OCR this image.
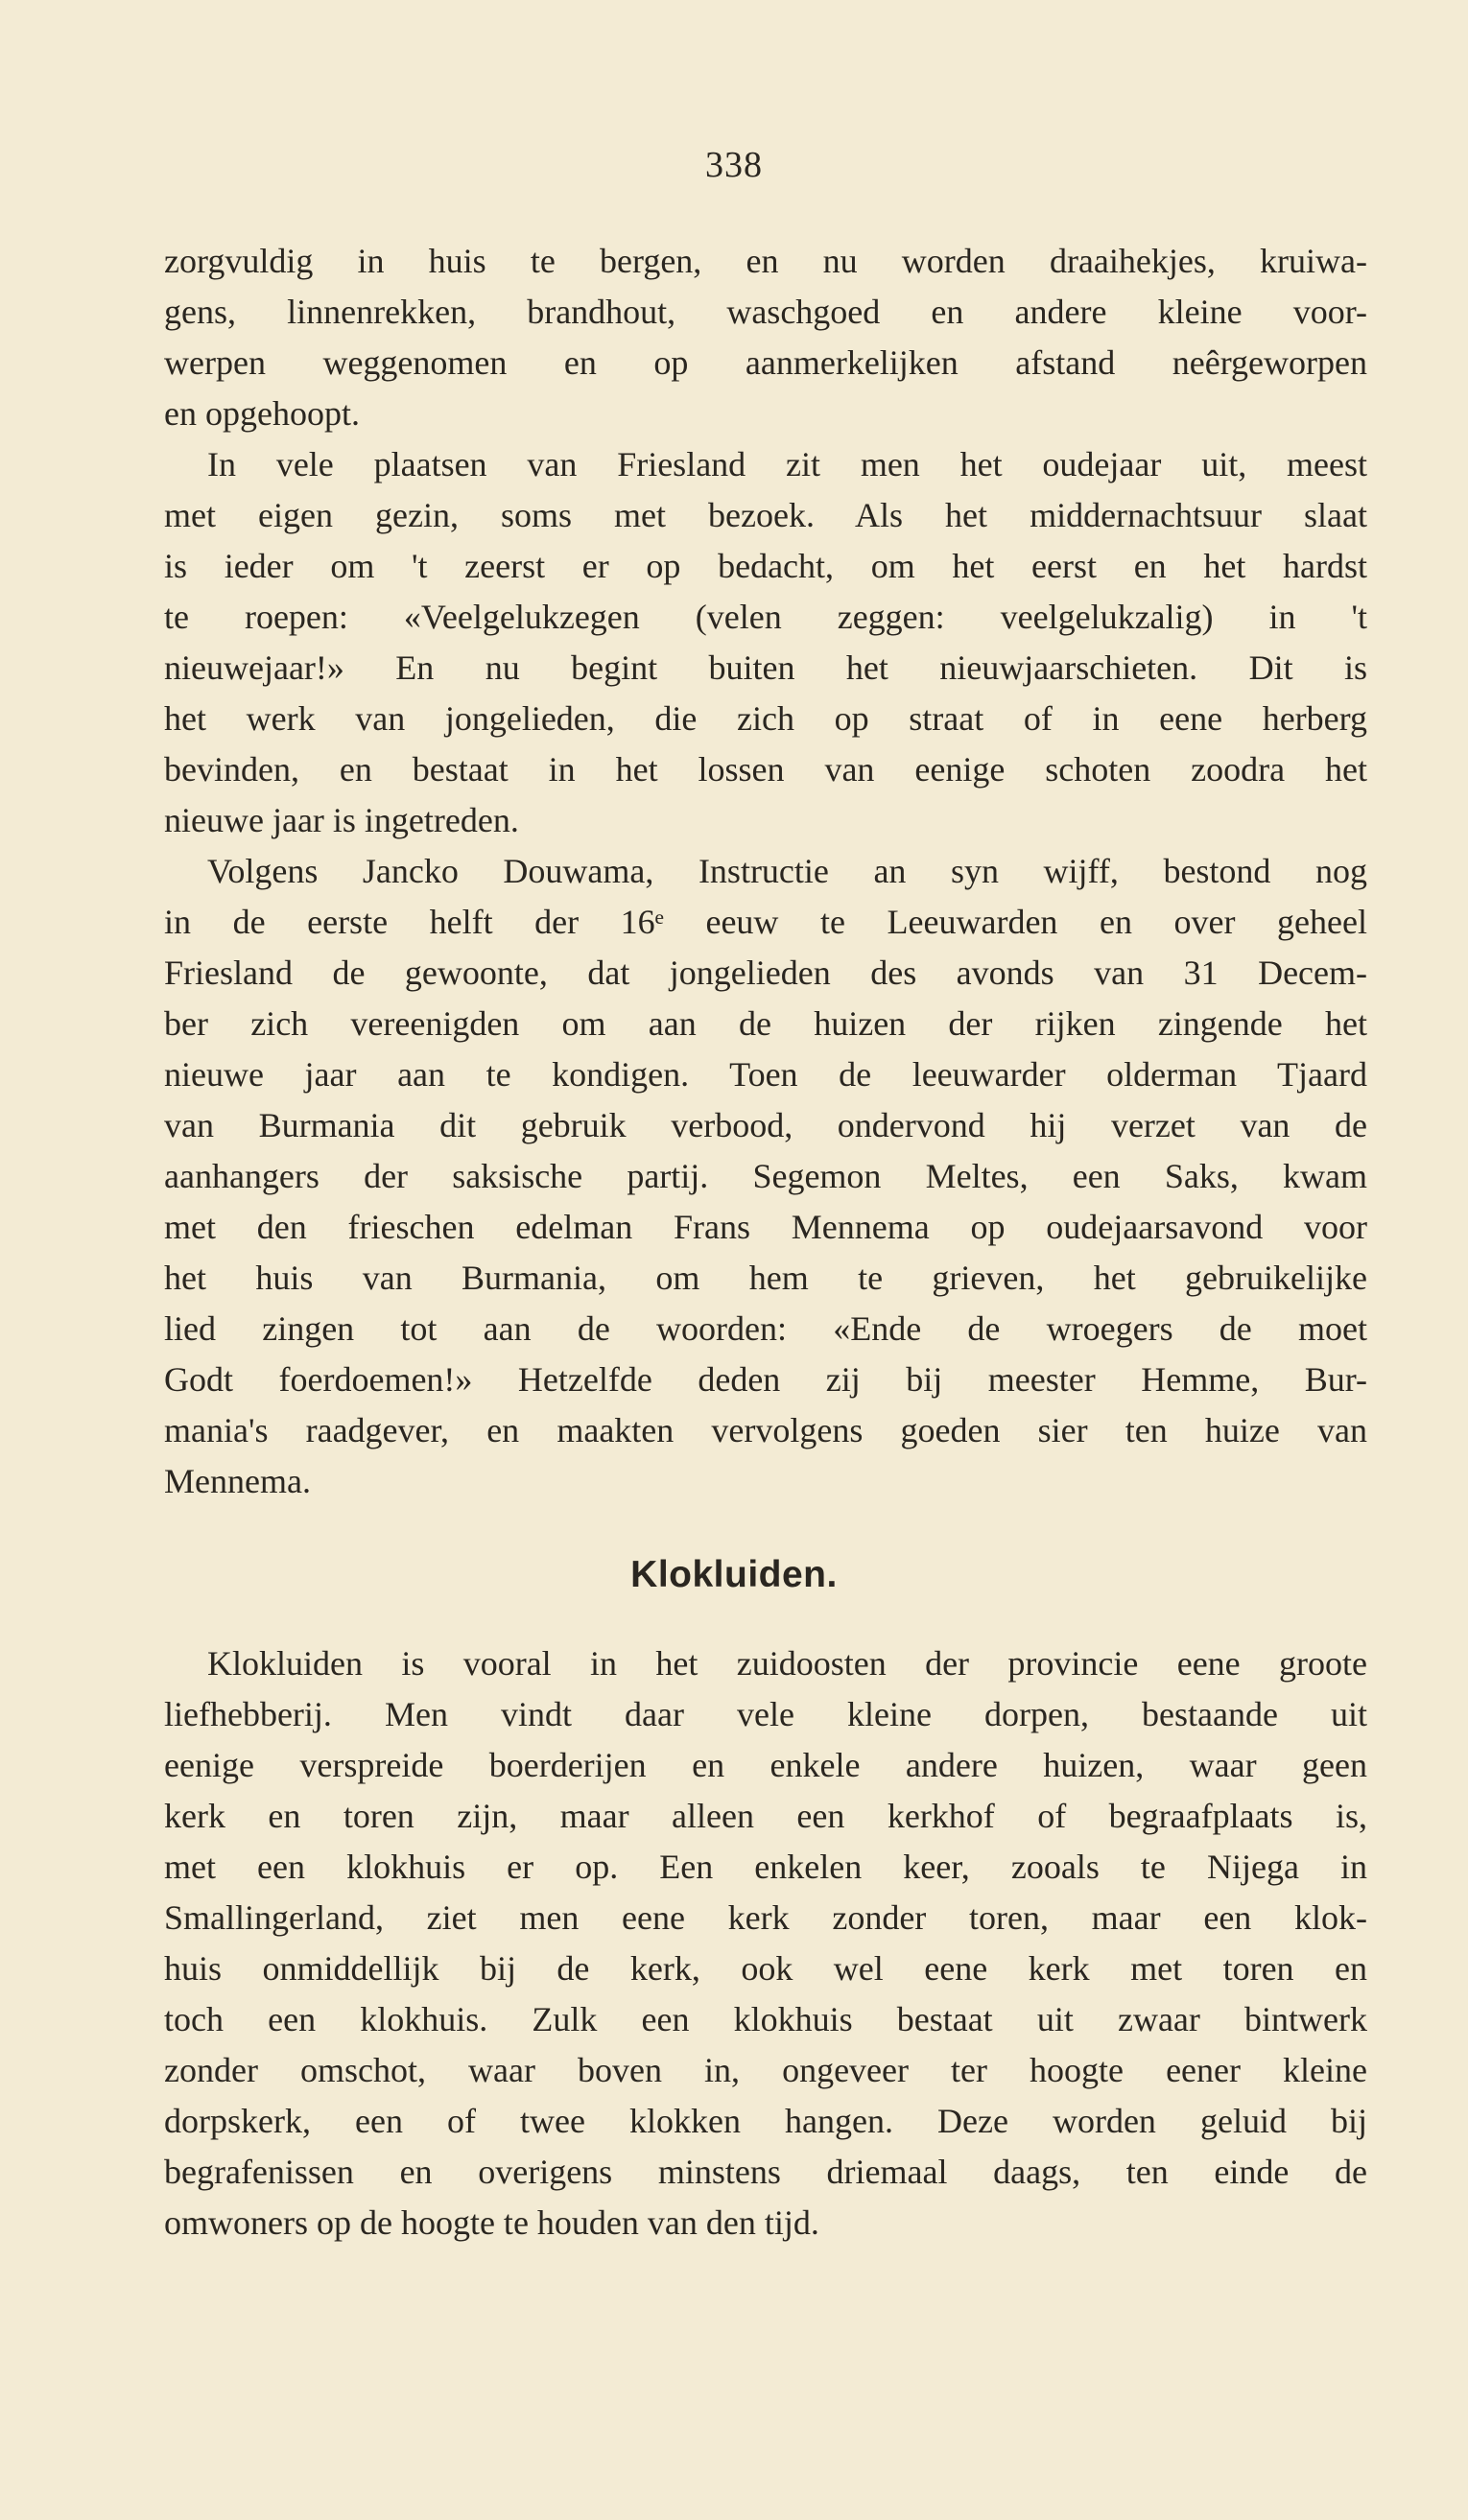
338
zorgvuldig in huis te bergen, en nu worden draaihekjes, kruiwa-
gens, linnenrekken, brandhout, waschgoed en andere kleine voor-
werpen weggenomen en op aanmerkelijken afstand neêrgeworpen
en opgehoopt.
In vele plaatsen van Friesland zit men het oudejaar uit, meest
met eigen gezin, soms met bezoek. Als het middernachtsuur slaat
is ieder om 't zeerst er op bedacht, om het eerst en het hardst
te roepen: «Veelgelukzegen (velen zeggen: veelgelukzalig) in 't
nieuwejaar!» En nu begint buiten het nieuwjaarschieten. Dit is
het werk van jongelieden, die zich op straat of in eene herberg
bevinden, en bestaat in het lossen van eenige schoten zoodra het
nieuwe jaar is ingetreden.
Volgens Jancko Douwama, Instructie an syn wijff, bestond nog
in de eerste helft der 16ᵉ eeuw te Leeuwarden en over geheel
Friesland de gewoonte, dat jongelieden des avonds van 31 Decem-
ber zich vereenigden om aan de huizen der rijken zingende het
nieuwe jaar aan te kondigen. Toen de leeuwarder olderman Tjaard
van Burmania dit gebruik verbood, ondervond hij verzet van de
aanhangers der saksische partij. Segemon Meltes, een Saks, kwam
met den frieschen edelman Frans Mennema op oudejaarsavond voor
het huis van Burmania, om hem te grieven, het gebruikelijke
lied zingen tot aan de woorden: «Ende de wroegers de moet
Godt foerdoemen!» Hetzelfde deden zij bij meester Hemme, Bur-
mania's raadgever, en maakten vervolgens goeden sier ten huize van
Mennema.
Klokluiden.
Klokluiden is vooral in het zuidoosten der provincie eene groote
liefhebberij. Men vindt daar vele kleine dorpen, bestaande uit
eenige verspreide boerderijen en enkele andere huizen, waar geen
kerk en toren zijn, maar alleen een kerkhof of begraafplaats is,
met een klokhuis er op. Een enkelen keer, zooals te Nijega in
Smallingerland, ziet men eene kerk zonder toren, maar een klok-
huis onmiddellijk bij de kerk, ook wel eene kerk met toren en
toch een klokhuis. Zulk een klokhuis bestaat uit zwaar bintwerk
zonder omschot, waar boven in, ongeveer ter hoogte eener kleine
dorpskerk, een of twee klokken hangen. Deze worden geluid bij
begrafenissen en overigens minstens driemaal daags, ten einde de
omwoners op de hoogte te houden van den tijd.
